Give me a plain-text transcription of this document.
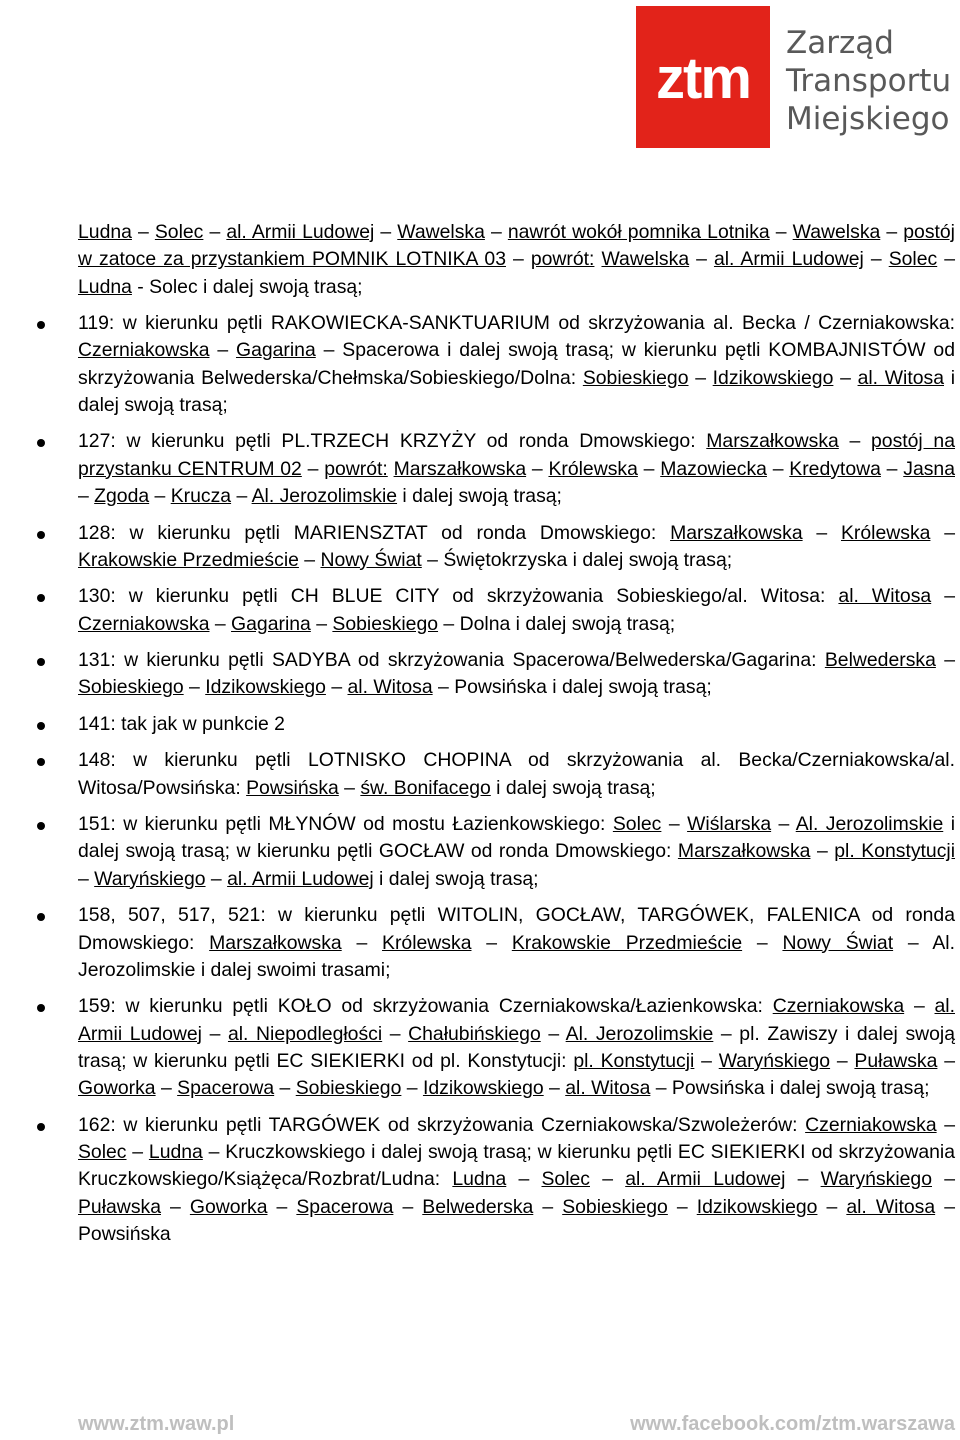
ztm
Zarząd
Transportu
Miejskiego

Ludna – Solec – al. Armii Ludowej – Wawelska – nawrót wokół pomnika Lotnika – Wawelska – postój w zatoce za przystankiem POMNIK LOTNIKA 03 – powrót: Wawelska – al. Armii Ludowej – Solec – Ludna - Solec i dalej swoją trasą;

119: w kierunku pętli RAKOWIECKA-SANKTUARIUM od skrzyżowania al. Becka / Czerniakowska: Czerniakowska – Gagarina – Spacerowa i dalej swoją trasą; w kierunku pętli KOMBAJNISTÓW od skrzyżowania Belwederska/Chełmska/Sobieskiego/Dolna: Sobieskiego – Idzikowskiego – al. Witosa i dalej swoją trasą;
127: w kierunku pętli PL.TRZECH KRZYŻY od ronda Dmowskiego: Marszałkowska – postój na przystanku CENTRUM 02 – powrót: Marszałkowska – Królewska – Mazowiecka – Kredytowa – Jasna – Zgoda – Krucza – Al. Jerozolimskie i dalej swoją trasą;
128: w kierunku pętli MARIENSZTAT od ronda Dmowskiego: Marszałkowska – Królewska – Krakowskie Przedmieście – Nowy Świat – Świętokrzyska i dalej swoją trasą;
130: w kierunku pętli CH BLUE CITY od skrzyżowania Sobieskiego/al. Witosa: al. Witosa – Czerniakowska – Gagarina – Sobieskiego – Dolna i dalej swoją trasą;
131: w kierunku pętli SADYBA od skrzyżowania Spacerowa/Belwederska/Gagarina: Belwederska – Sobieskiego – Idzikowskiego – al. Witosa – Powsińska i dalej swoją trasą;
141: tak jak w punkcie 2
148: w kierunku pętli LOTNISKO CHOPINA od skrzyżowania al. Becka/Czerniakowska/al. Witosa/Powsińska: Powsińska – św. Bonifacego i dalej swoją trasą;
151: w kierunku pętli MŁYNÓW od mostu Łazienkowskiego: Solec – Wiślarska – Al. Jerozolimskie i dalej swoją trasą; w kierunku pętli GOCŁAW od ronda Dmowskiego: Marszałkowska – pl. Konstytucji – Waryńskiego – al. Armii Ludowej i dalej swoją trasą;
158, 507, 517, 521: w kierunku pętli WITOLIN, GOCŁAW, TARGÓWEK, FALENICA od ronda Dmowskiego: Marszałkowska – Królewska – Krakowskie Przedmieście – Nowy Świat – Al. Jerozolimskie i dalej swoimi trasami;
159: w kierunku pętli KOŁO od skrzyżowania Czerniakowska/Łazienkowska: Czerniakowska – al. Armii Ludowej – al. Niepodległości – Chałubińskiego – Al. Jerozolimskie – pl. Zawiszy i dalej swoją trasą; w kierunku pętli EC SIEKIERKI od pl. Konstytucji: pl. Konstytucji – Waryńskiego – Puławska – Goworka – Spacerowa – Sobieskiego – Idzikowskiego – al. Witosa – Powsińska i dalej swoją trasą;
162: w kierunku pętli TARGÓWEK od skrzyżowania Czerniakowska/Szwoleżerów: Czerniakowska – Solec – Ludna – Kruczkowskiego i dalej swoją trasą; w kierunku pętli EC SIEKIERKI od skrzyżowania Kruczkowskiego/Książęca/Rozbrat/Ludna: Ludna – Solec – al. Armii Ludowej – Waryńskiego – Puławska – Goworka – Spacerowa – Belwederska – Sobieskiego – Idzikowskiego – al. Witosa – Powsińska
www.ztm.waw.pl	www.facebook.com/ztm.warszawa
